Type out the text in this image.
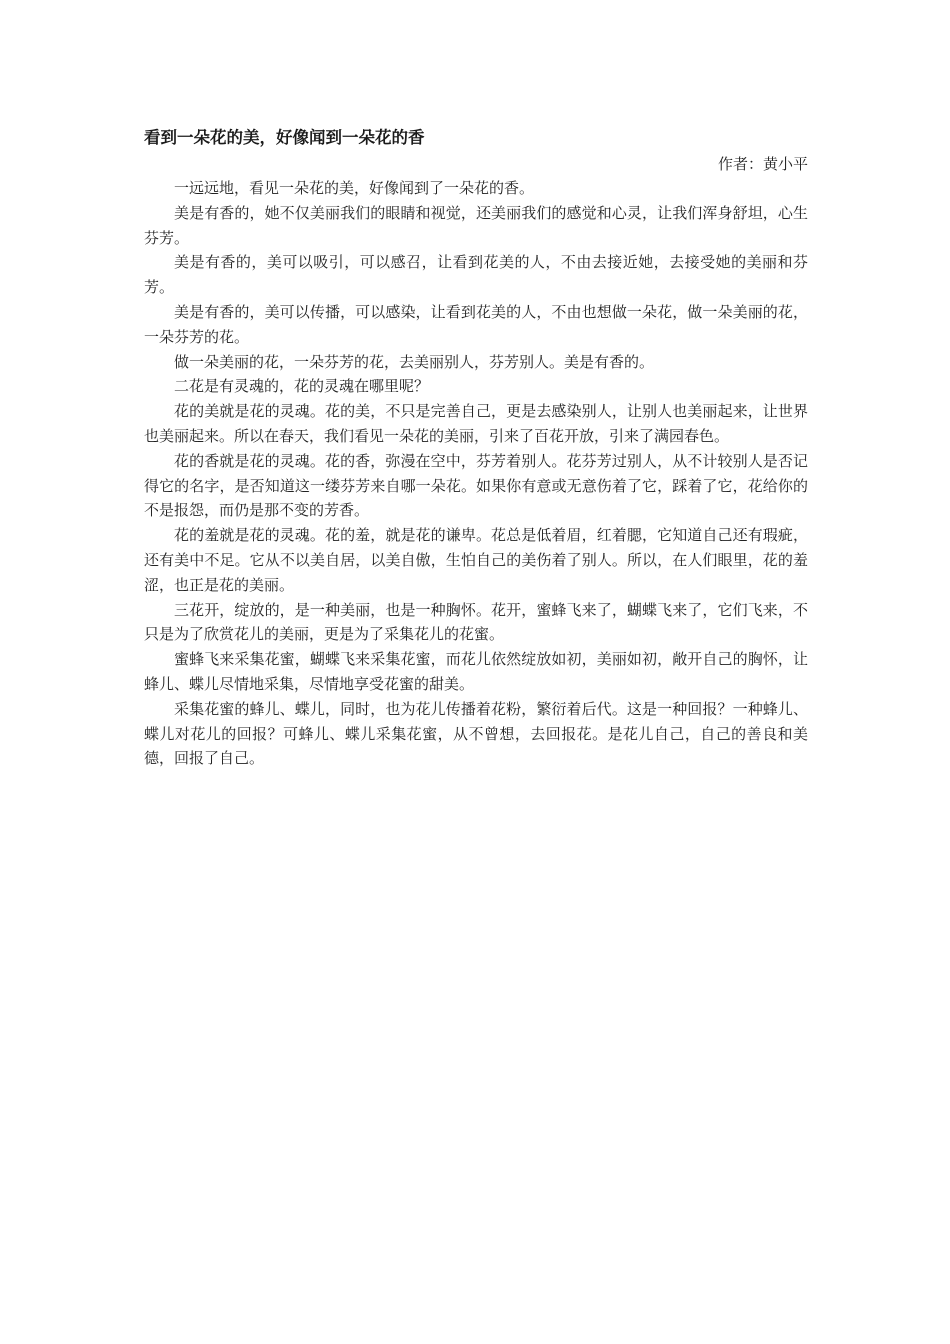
看到一朵花的美，好像闻到一朵花的香

作者：黄小平

一远远地，看见一朵花的美，好像闻到了一朵花的香。

美是有香的，她不仅美丽我们的眼睛和视觉，还美丽我们的感觉和心灵，让我们浑身舒坦，心生芬芳。

美是有香的，美可以吸引，可以感召，让看到花美的人，不由去接近她，去接受她的美丽和芬芳。

美是有香的，美可以传播，可以感染，让看到花美的人，不由也想做一朵花，做一朵美丽的花，一朵芬芳的花。

做一朵美丽的花，一朵芬芳的花，去美丽别人，芬芳别人。美是有香的。

二花是有灵魂的，花的灵魂在哪里呢？

花的美就是花的灵魂。花的美，不只是完善自己，更是去感染别人，让别人也美丽起来，让世界也美丽起来。所以在春天，我们看见一朵花的美丽，引来了百花开放，引来了满园春色。

花的香就是花的灵魂。花的香，弥漫在空中，芬芳着别人。花芬芳过别人，从不计较别人是否记得它的名字，是否知道这一缕芬芳来自哪一朵花。如果你有意或无意伤着了它，踩着了它，花给你的不是报怨，而仍是那不变的芳香。

花的羞就是花的灵魂。花的羞，就是花的谦卑。花总是低着眉，红着腮，它知道自己还有瑕疵，还有美中不足。它从不以美自居，以美自傲，生怕自己的美伤着了别人。所以，在人们眼里，花的羞涩，也正是花的美丽。

三花开，绽放的，是一种美丽，也是一种胸怀。花开，蜜蜂飞来了，蝴蝶飞来了，它们飞来，不只是为了欣赏花儿的美丽，更是为了采集花儿的花蜜。

蜜蜂飞来采集花蜜，蝴蝶飞来采集花蜜，而花儿依然绽放如初，美丽如初，敞开自己的胸怀，让蜂儿、蝶儿尽情地采集，尽情地享受花蜜的甜美。

采集花蜜的蜂儿、蝶儿，同时，也为花儿传播着花粉，繁衍着后代。这是一种回报？一种蜂儿、蝶儿对花儿的回报？可蜂儿、蝶儿采集花蜜，从不曾想，去回报花。是花儿自己，自己的善良和美德，回报了自己。
